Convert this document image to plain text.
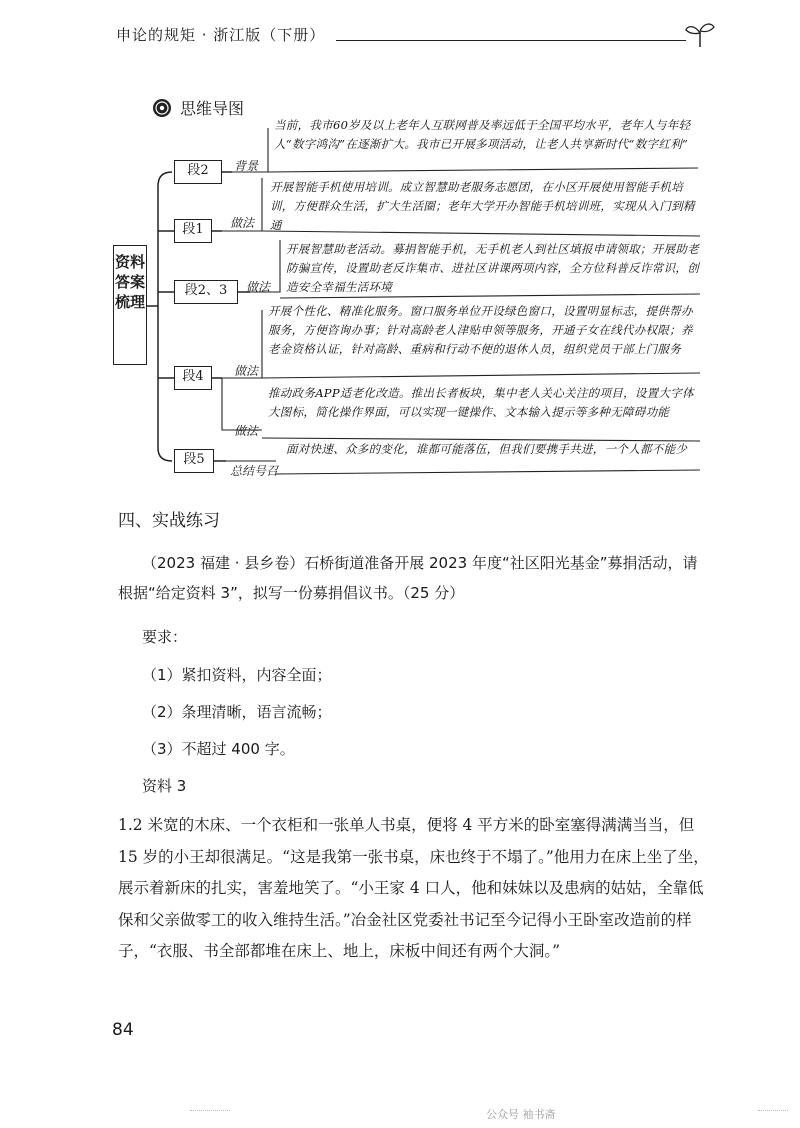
申论的规矩 · 浙江版（下册）
思维导图
资料答案梳理
段2
段1
段2、3
段4
段5
背景
做法
做法
做法
做法
总结号召
当前，我市60岁及以上老年人互联网普及率远低于全国平均水平，老年人与年轻人“数字鸿沟”在逐渐扩大。我市已开展多项活动，让老人共享新时代“数字红利”
开展智能手机使用培训。成立智慧助老服务志愿团，在小区开展使用智能手机培训，方便群众生活，扩大生活圈；老年大学开办智能手机培训班，实现从入门到精通
开展智慧助老活动。募捐智能手机，无手机老人到社区填报申请领取；开展助老防骗宣传，设置助老反诈集市、进社区讲课两项内容，全方位科普反诈常识，创造安全幸福生活环境
开展个性化、精准化服务。窗口服务单位开设绿色窗口，设置明显标志，提供帮办服务，方便咨询办事；针对高龄老人津贴申领等服务，开通子女在线代办权限；养老金资格认证，针对高龄、重病和行动不便的退休人员，组织党员干部上门服务
推动政务APP适老化改造。推出长者板块，集中老人关心关注的项目，设置大字体大图标，简化操作界面，可以实现一键操作、文本输入提示等多种无障碍功能
面对快速、众多的变化，谁都可能落伍，但我们要携手共进，一个人都不能少
四、实战练习
（2023 福建 · 县乡卷）石桥街道准备开展 2023 年度“社区阳光基金”募捐活动，请根据“给定资料 3”，拟写一份募捐倡议书。（25 分）
要求：
（1）紧扣资料，内容全面；
（2）条理清晰，语言流畅；
（3）不超过 400 字。
资料 3
1.2 米宽的木床、一个衣柜和一张单人书桌，便将 4 平方米的卧室塞得满满当当，但 15 岁的小王却很满足。“这是我第一张书桌，床也终于不塌了。”他用力在床上坐了坐，展示着新床的扎实，害羞地笑了。“小王家 4 口人，他和妹妹以及患病的姑姑，全靠低保和父亲做零工的收入维持生活。”冶金社区党委社书记至今记得小王卧室改造前的样子，“衣服、书全部都堆在床上、地上，床板中间还有两个大洞。”
84
公众号 袖书斋
